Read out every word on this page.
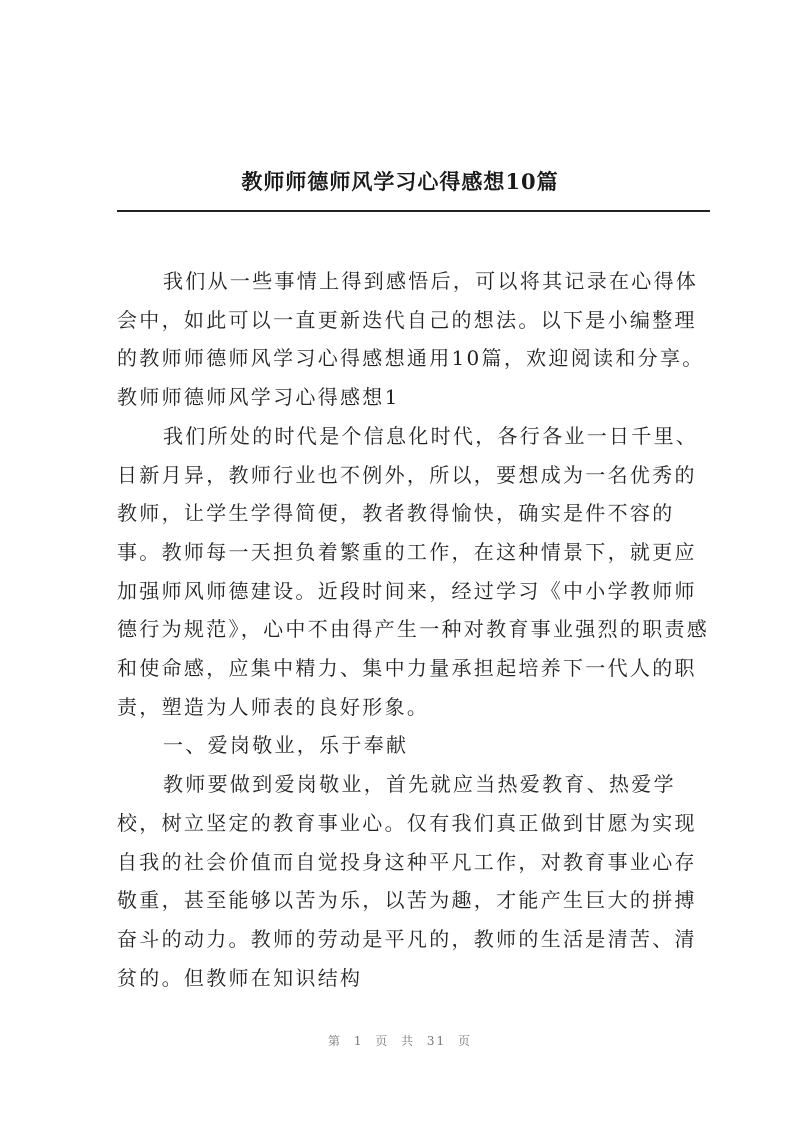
教师师德师风学习心得感想10篇

我们从一些事情上得到感悟后，可以将其记录在心得体会中，如此可以一直更新迭代自己的想法。以下是小编整理的教师师德师风学习心得感想通用10篇，欢迎阅读和分享。教师师德师风学习心得感想1

我们所处的时代是个信息化时代，各行各业一日千里、日新月异，教师行业也不例外，所以，要想成为一名优秀的教师，让学生学得简便，教者教得愉快，确实是件不容的事。教师每一天担负着繁重的工作，在这种情景下，就更应加强师风师德建设。近段时间来，经过学习《中小学教师师德行为规范》，心中不由得产生一种对教育事业强烈的职责感和使命感，应集中精力、集中力量承担起培养下一代人的职责，塑造为人师表的良好形象。

一、爱岗敬业，乐于奉献

教师要做到爱岗敬业，首先就应当热爱教育、热爱学校，树立坚定的教育事业心。仅有我们真正做到甘愿为实现自我的社会价值而自觉投身这种平凡工作，对教育事业心存敬重，甚至能够以苦为乐，以苦为趣，才能产生巨大的拼搏奋斗的动力。教师的劳动是平凡的，教师的生活是清苦、清贫的。但教师在知识结构

第 1 页 共 31 页
